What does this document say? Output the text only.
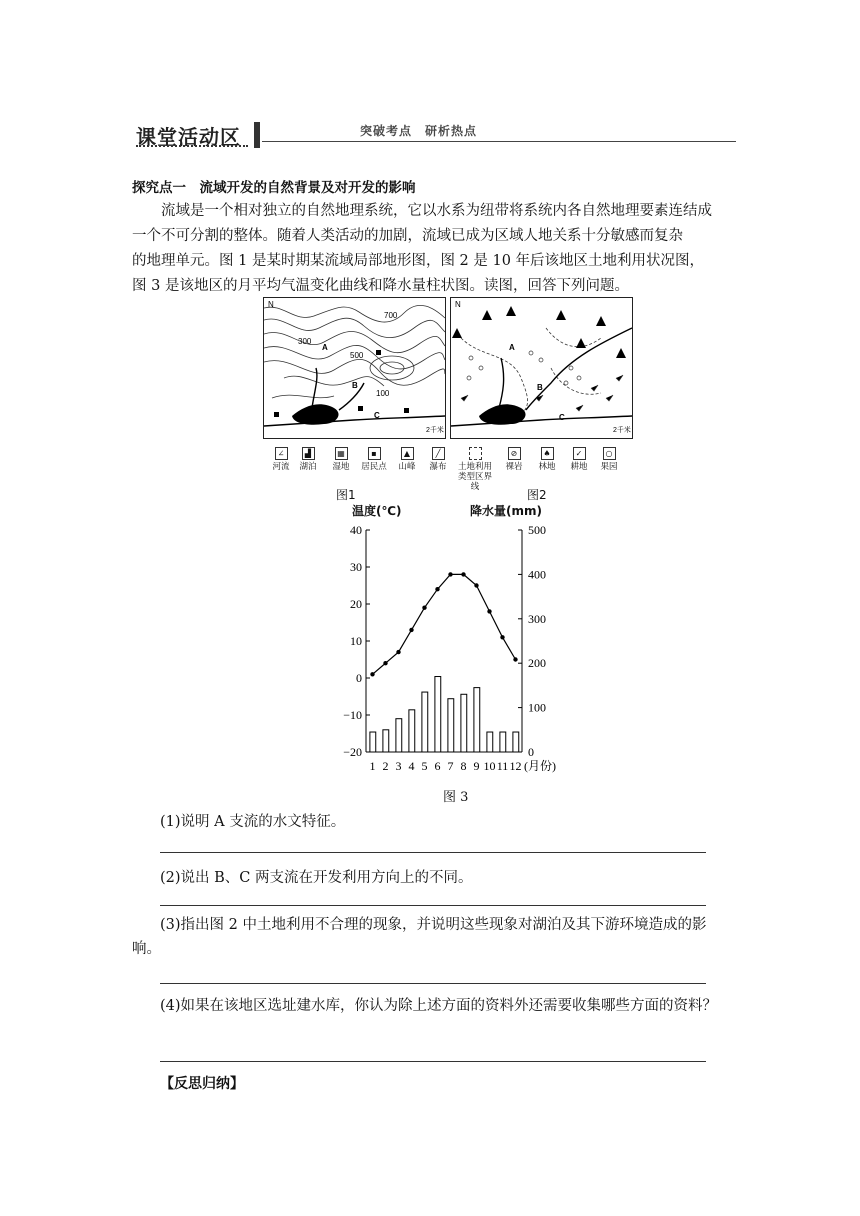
课堂活动区	突破考点　研析热点
探究点一　流域开发的自然背景及对开发的影响

流域是一个相对独立的自然地理系统，它以水系为纽带将系统内各自然地理要素连结成

一个不可分割的整体。随着人类活动的加剧，流域已成为区域人地关系十分敏感而复杂

的地理单元。图 1 是某时期某流域局部地形图，图 2 是 10 年后该地区土地利用状况图，

图 3 是该地区的月平均气温变化曲线和降水量柱状图。读图，回答下列问题。

N
700
300
500
100
A
B
C
2千米
N
A
B
C
2千米
∠
河流
▟
湖泊
▦
湿地
▪
居民点
▲
山峰
╱
瀑布	土地利用类型区界线
⊘
裸岩
♠
林地
✓
耕地
○
果园
图1	图2
温度(℃)	降水量(mm)
40
30
20
10
0
−10
−20
500
400
300
200
100
0
1 2 3 4 5 6 7 8 9 10 11 12 (月份)
图 3
(1)说明 A 支流的水文特征。
(2)说出 B、C 两支流在开发利用方向上的不同。
(3)指出图 2 中土地利用不合理的现象，并说明这些现象对湖泊及其下游环境造成的影响。
(4)如果在该地区选址建水库，你认为除上述方面的资料外还需要收集哪些方面的资料？
【反思归纳】
